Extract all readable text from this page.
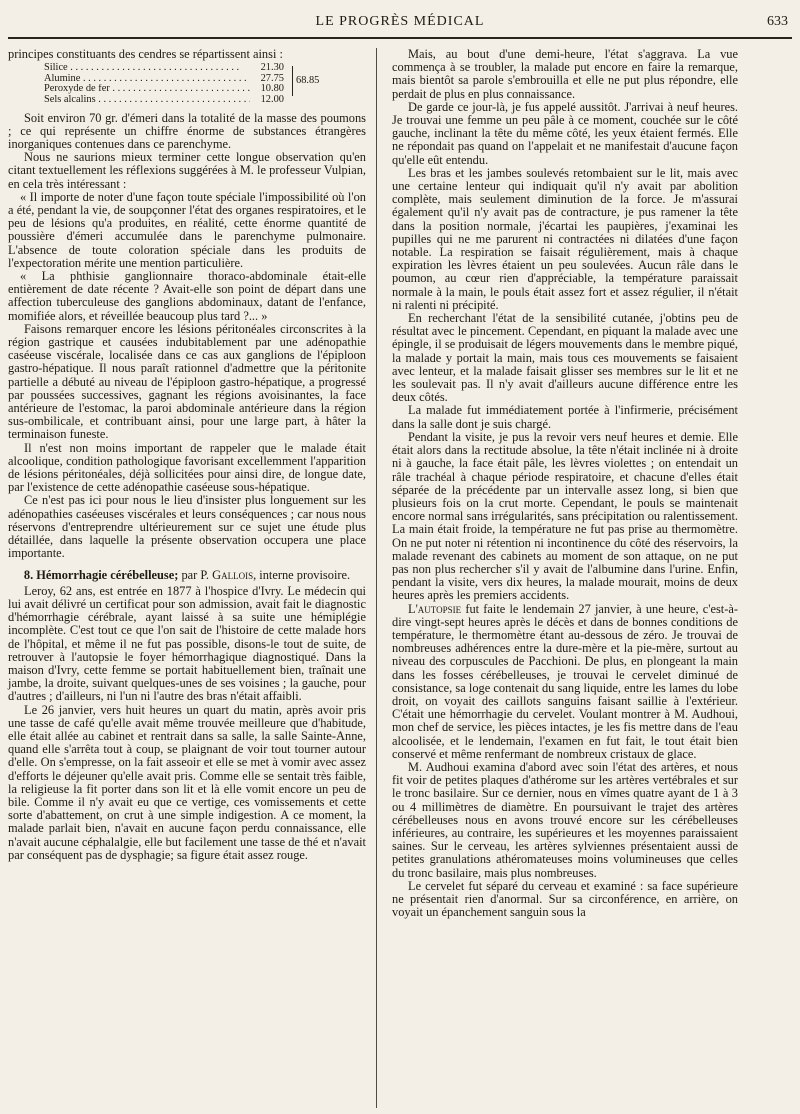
LE PROGRÈS MÉDICAL	633

principes constituants des cendres se répartissent ainsi :

Silice . . .	21.30
Alumine . . .	27.75
Peroxyde de fer . . .	10.80
Sels alcalins . . .	12.00
68.85

Soit environ 70 gr. d'émeri dans la totalité de la masse des poumons ; ce qui représente un chiffre énorme de substances étrangères inorganiques contenues dans ce parenchyme.

Nous ne saurions mieux terminer cette longue observation qu'en citant textuellement les réflexions suggérées à M. le professeur Vulpian, en cela très intéressant :

« Il importe de noter d'une façon toute spéciale l'impossibilité où l'on a été, pendant la vie, de soupçonner l'état des organes respiratoires, et le peu de lésions qu'a produites, en réalité, cette énorme quantité de poussière d'émeri accumulée dans le parenchyme pulmonaire. L'absence de toute coloration spéciale dans les produits de l'expectoration mérite une mention particulière.

« La phthisie ganglionnaire thoraco-abdominale était-elle entièrement de date récente ? Avait-elle son point de départ dans une affection tuberculeuse des ganglions abdominaux, datant de l'enfance, momifiée alors, et réveillée beaucoup plus tard ?... »

Faisons remarquer encore les lésions péritonéales circonscrites à la région gastrique et causées indubitablement par une adénopathie caséeuse viscérale, localisée dans ce cas aux ganglions de l'épiploon gastro-hépatique. Il nous paraît rationnel d'admettre que la péritonite partielle a débuté au niveau de l'épiploon gastro-hépatique, a progressé par poussées successives, gagnant les régions avoisinantes, la face antérieure de l'estomac, la paroi abdominale antérieure dans la région sus-ombilicale, et contribuant ainsi, pour une large part, à hâter la terminaison funeste.

Il n'est non moins important de rappeler que le malade était alcoolique, condition pathologique favorisant excellemment l'apparition de lésions péritonéales, déjà sollicitées pour ainsi dire, de longue date, par l'existence de cette adénopathie caséeuse sous-hépatique.

Ce n'est pas ici pour nous le lieu d'insister plus longuement sur les adénopathies caséeuses viscérales et leurs conséquences ; car nous nous réservons d'entreprendre ultérieurement sur ce sujet une étude plus détaillée, dans laquelle la présente observation occupera une place importante.

8. Hémorrhagie cérébelleuse; par P. Gallois, interne provisoire.

Leroy, 62 ans, est entrée en 1877 à l'hospice d'Ivry. Le médecin qui lui avait délivré un certificat pour son admission, avait fait le diagnostic d'hémorrhagie cérébrale, ayant laissé à sa suite une hémiplégie incomplète. C'est tout ce que l'on sait de l'histoire de cette malade hors de l'hôpital, et même il ne fut pas possible, disons-le tout de suite, de retrouver à l'autopsie le foyer hémorrhagique diagnostiqué. Dans la maison d'Ivry, cette femme se portait habituellement bien, traînait une jambe, la droite, suivant quelques-unes de ses voisines ; la gauche, pour d'autres ; d'ailleurs, ni l'un ni l'autre des bras n'était affaibli.

Le 26 janvier, vers huit heures un quart du matin, après avoir pris une tasse de café qu'elle avait même trouvée meilleure que d'habitude, elle était allée au cabinet et rentrait dans sa salle, la salle Sainte-Anne, quand elle s'arrêta tout à coup, se plaignant de voir tout tourner autour d'elle. On s'empresse, on la fait asseoir et elle se met à vomir avec assez d'efforts le déjeuner qu'elle avait pris. Comme elle se sentait très faible, la religieuse la fit porter dans son lit et là elle vomit encore un peu de bile. Comme il n'y avait eu que ce vertige, ces vomissements et cette sorte d'abattement, on crut à une simple indigestion. A ce moment, la malade parlait bien, n'avait en aucune façon perdu connaissance, elle n'avait aucune céphalalgie, elle but facilement une tasse de thé et n'avait par conséquent pas de dysphagie; sa figure était assez rouge.

Mais, au bout d'une demi-heure, l'état s'aggrava. La vue commença à se troubler, la malade put encore en faire la remarque, mais bientôt sa parole s'embrouilla et elle ne put plus répondre, elle perdait de plus en plus connaissance.

De garde ce jour-là, je fus appelé aussitôt. J'arrivai à neuf heures. Je trouvai une femme un peu pâle à ce moment, couchée sur le côté gauche, inclinant la tête du même côté, les yeux étaient fermés. Elle ne répondait pas quand on l'appelait et ne manifestait d'aucune façon qu'elle eût entendu.

Les bras et les jambes soulevés retombaient sur le lit, mais avec une certaine lenteur qui indiquait qu'il n'y avait par abolition complète, mais seulement diminution de la force. Je m'assurai également qu'il n'y avait pas de contracture, je pus ramener la tête dans la position normale, j'écartai les paupières, j'examinai les pupilles qui ne me parurent ni contractées ni dilatées d'une façon notable. La respiration se faisait régulièrement, mais à chaque expiration les lèvres étaient un peu soulevées. Aucun râle dans le poumon, au cœur rien d'appréciable, la température paraissait normale à la main, le pouls était assez fort et assez régulier, il n'était ni ralenti ni précipité.

En recherchant l'état de la sensibilité cutanée, j'obtins peu de résultat avec le pincement. Cependant, en piquant la malade avec une épingle, il se produisait de légers mouvements dans le membre piqué, la malade y portait la main, mais tous ces mouvements se faisaient avec lenteur, et la malade faisait glisser ses membres sur le lit et ne les soulevait pas. Il n'y avait d'ailleurs aucune différence entre les deux côtés.

La malade fut immédiatement portée à l'infirmerie, précisément dans la salle dont je suis chargé.

Pendant la visite, je pus la revoir vers neuf heures et demie. Elle était alors dans la rectitude absolue, la tête n'était inclinée ni à droite ni à gauche, la face était pâle, les lèvres violettes ; on entendait un râle trachéal à chaque période respiratoire, et chacune d'elles était séparée de la précédente par un intervalle assez long, si bien que plusieurs fois on la crut morte. Cependant, le pouls se maintenait encore normal sans irrégularités, sans précipitation ou ralentissement. La main était froide, la température ne fut pas prise au thermomètre. On ne put noter ni rétention ni incontinence du côté des réservoirs, la malade revenant des cabinets au moment de son attaque, on ne put pas non plus rechercher s'il y avait de l'albumine dans l'urine. Enfin, pendant la visite, vers dix heures, la malade mourait, moins de deux heures après les premiers accidents.

L'autopsie fut faite le lendemain 27 janvier, à une heure, c'est-à-dire vingt-sept heures après le décès et dans de bonnes conditions de température, le thermomètre étant au-dessous de zéro. Je trouvai de nombreuses adhérences entre la dure-mère et la pie-mère, surtout au niveau des corpuscules de Pacchioni. De plus, en plongeant la main dans les fosses cérébelleuses, je trouvai le cervelet diminué de consistance, sa loge contenait du sang liquide, entre les lames du lobe droit, on voyait des caillots sanguins faisant saillie à l'extérieur. C'était une hémorrhagie du cervelet. Voulant montrer à M. Audhoui, mon chef de service, les pièces intactes, je les fis mettre dans de l'eau alcoolisée, et le lendemain, l'examen en fut fait, le tout était bien conservé et même renfermant de nombreux cristaux de glace.

M. Audhoui examina d'abord avec soin l'état des artères, et nous fit voir de petites plaques d'athérome sur les artères vertébrales et sur le tronc basilaire. Sur ce dernier, nous en vîmes quatre ayant de 1 à 3 ou 4 millimètres de diamètre. En poursuivant le trajet des artères cérébelleuses nous en avons trouvé encore sur les cérébelleuses inférieures, au contraire, les supérieures et les moyennes paraissaient saines. Sur le cerveau, les artères sylviennes présentaient aussi de petites granulations athéromateuses moins volumineuses que celles du tronc basilaire, mais plus nombreuses.

Le cervelet fut séparé du cerveau et examiné : sa face supérieure ne présentait rien d'anormal. Sur sa circonférence, en arrière, on voyait un épanchement sanguin sous la
